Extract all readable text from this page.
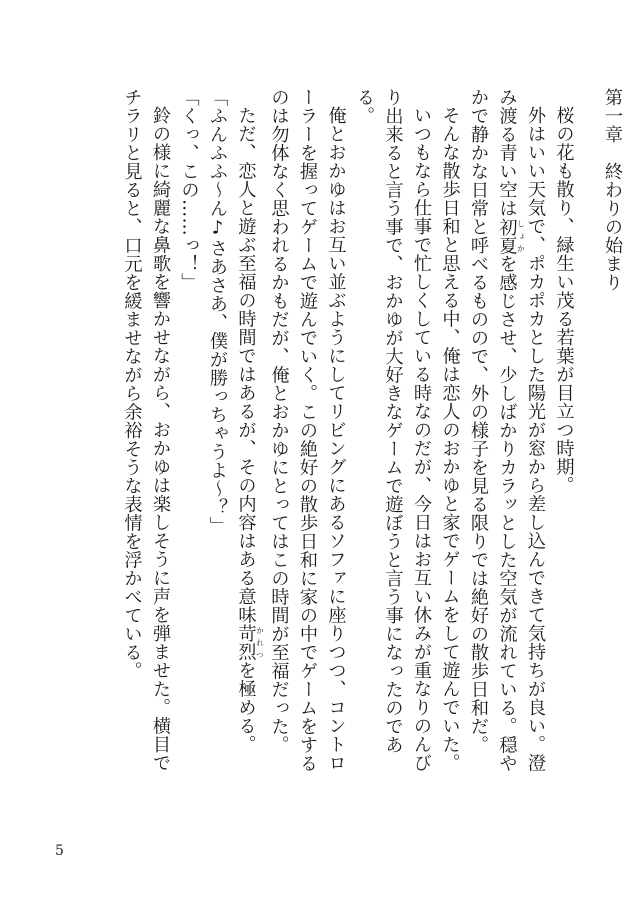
第一章　終わりの始まり

桜の花も散り、緑生い茂る若葉が目立つ時期。

外はいい天気で、ポカポカとした陽光が窓から差し込んできて気持ちが良い。澄み渡る青い空は初夏 しょかを感じさせ、少しばかりカラッとした空気が流れている。穏やかで静かな日常と呼べるものので、外の様子を見る限りでは絶好の散歩日和だ。

そんな散歩日和と思える中、俺は恋人のおかゆと家でゲームをして遊んでいた。

いつもなら仕事で忙しくしている時なのだが、今日はお互い休みが重なりのんびり出来ると言う事で、おかゆが大好きなゲームで遊ぼうと言う事になったのである。

俺とおかゆはお互い並ぶようにしてリビングにあるソファに座りつつ、コントローラーを握ってゲームで遊んでいく。この絶好の散歩日和に家の中でゲームをするのは勿体なく思われるかもだが、俺とおかゆにとってはこの時間が至福だった。

ただ、恋人と遊ぶ至福の時間ではあるが、その内容はある意味苛烈 かれつを極める。

「ふんふふ～ん♪さあさあ、僕が勝っちゃうよ～？」

「くっ、この……っ！」

鈴の様に綺麗な鼻歌を響かせながら、おかゆは楽しそうに声を弾ませた。横目でチラリと見ると、口元を緩ませながら余裕そうな表情を浮かべている。

5
